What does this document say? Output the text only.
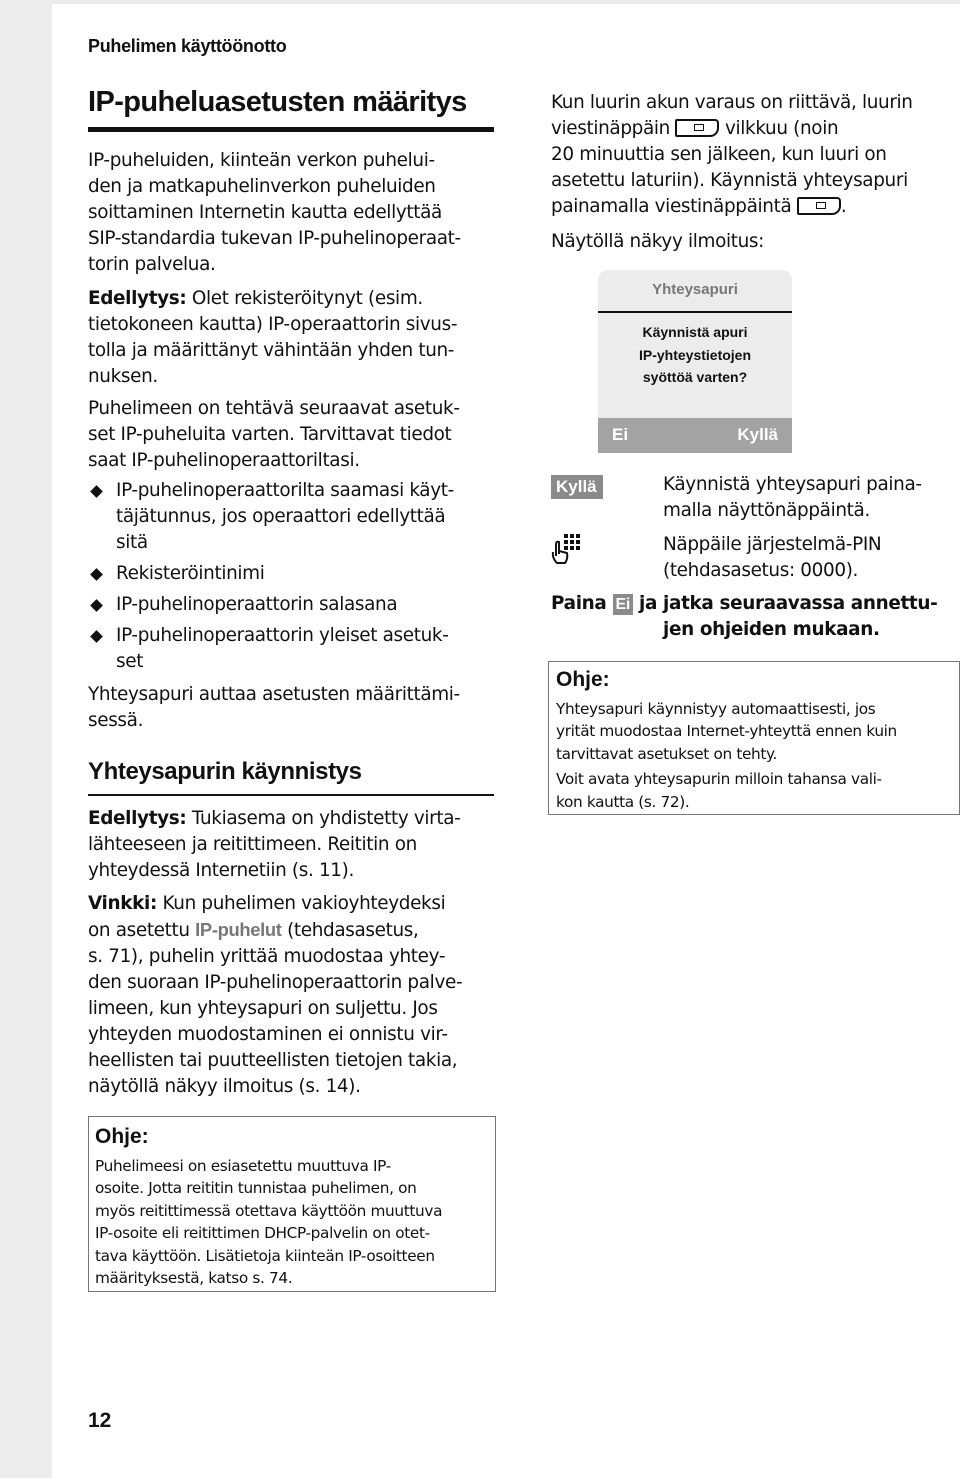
Puhelimen käyttöönotto
IP-puheluasetusten määritys
IP-puheluiden, kiinteän verkon puhelui-
den ja matkapuhelinverkon puheluiden
soittaminen Internetin kautta edellyttää
SIP-standardia tukevan IP-puhelinoperaat-
torin palvelua.
Edellytys: Olet rekisteröitynyt (esim.
tietokoneen kautta) IP-operaattorin sivus-
tolla ja määrittänyt vähintään yhden tun-
nuksen.
Puhelimeen on tehtävä seuraavat asetuk-
set IP-puheluita varten. Tarvittavat tiedot
saat IP-puhelinoperaattoriltasi.
IP-puhelinoperaattorilta saamasi käyt-
täjätunnus, jos operaattori edellyttää
sitä
Rekisteröintinimi
IP-puhelinoperaattorin salasana
IP-puhelinoperaattorin yleiset asetuk-
set
Yhteysapuri auttaa asetusten määrittämi-
sessä.
Yhteysapurin käynnistys
Edellytys: Tukiasema on yhdistetty virta-
lähteeseen ja reitittimeen. Reititin on
yhteydessä Internetiin (s. 11).
Vinkki: Kun puhelimen vakioyhteydeksi
on asetettu IP-puhelut (tehdasasetus,
s. 71), puhelin yrittää muodostaa yhtey-
den suoraan IP-puhelinoperaattorin palve-
limeen, kun yhteysapuri on suljettu. Jos
yhteyden muodostaminen ei onnistu vir-
heellisten tai puutteellisten tietojen takia,
näytöllä näkyy ilmoitus (s. 14).

Ohje:

Puhelimeesi on esiasetettu muuttuva IP-
osoite. Jotta reititin tunnistaa puhelimen, on
myös reitittimessä otettava käyttöön muuttuva
IP-osoite eli reitittimen DHCP-palvelin on otet-
tava käyttöön. Lisätietoja kiinteän IP-osoitteen
määrityksestä, katso s. 74.
Kun luurin akun varaus on riittävä, luurin
viestinäppäin  vilkkuu (noin
20 minuuttia sen jälkeen, kun luuri on
asetettu laturiin). Käynnistä yhteysapuri
painamalla viestinäppäintä .
Näytöllä näkyy ilmoitus:
Yhteysapuri
Käynnistä apuri
IP-yhteystietojen
syöttöä varten?
Ei	Kyllä
Kyllä	Käynnistä yhteysapuri paina-
malla näyttönäppäintä.
Näppäile järjestelmä-PIN
(tehdasasetus: 0000).
Paina Ei ja jatka seuraavassa annettu-
jen ohjeiden mukaan.

Ohje:

Yhteysapuri käynnistyy automaattisesti, jos
yrität muodostaa Internet-yhteyttä ennen kuin
tarvittavat asetukset on tehty.
Voit avata yhteysapurin milloin tahansa vali-
kon kautta (s. 72).
12
